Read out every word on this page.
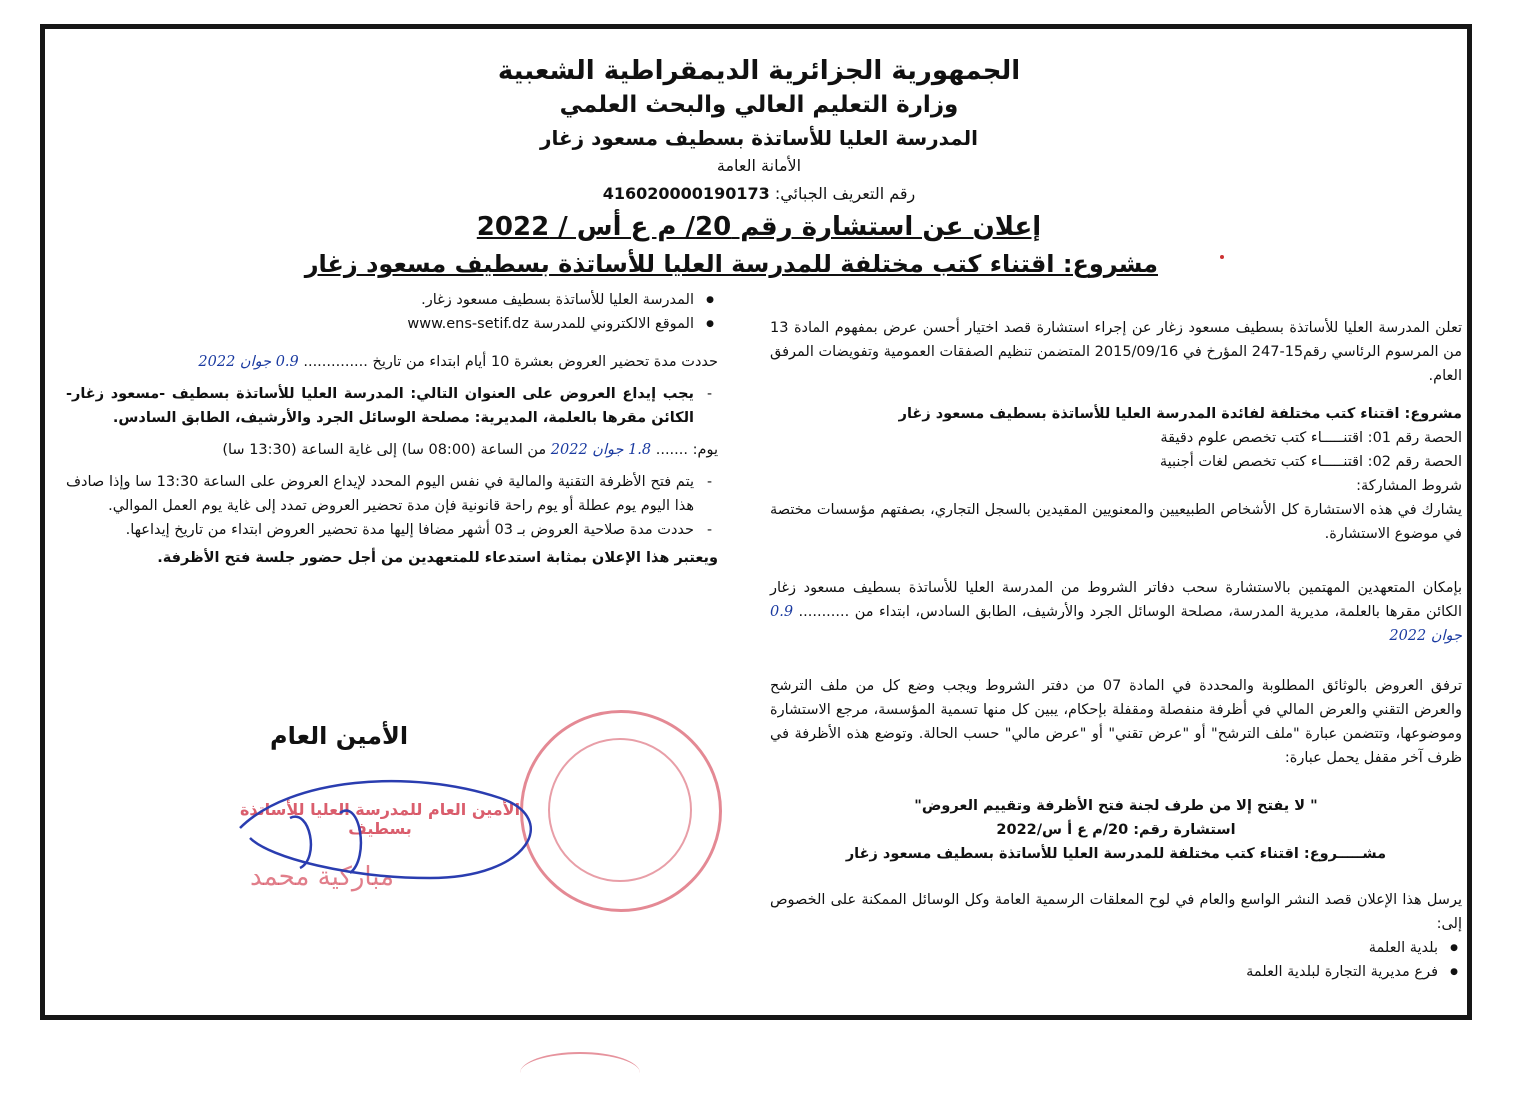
الجمهورية الجزائرية الديمقراطية الشعبية
وزارة التعليم العالي والبحث العلمي
المدرسة العليا للأساتذة بسطيف مسعود زغار
الأمانة العامة
رقم التعريف الجبائي: 416020000190173
إعلان عن استشارة رقم 20/ م ع أس / 2022
مشروع: اقتناء كتب مختلفة للمدرسة العليا للأساتذة بسطيف مسعود زغار

تعلن المدرسة العليا للأساتذة بسطيف مسعود زغار عن إجراء استشارة قصد اختيار أحسن عرض بمفهوم المادة 13 من المرسوم الرئاسي رقم15-247 المؤرخ في 2015/09/16 المتضمن تنظيم الصفقات العمومية وتفويضات المرفق العام.

مشروع: اقتناء كتب مختلفة لفائدة المدرسة العليا للأساتذة بسطيف مسعود زغار

الحصة رقم 01: اقتنـــــاء كتب تخصص علوم دقيقة

الحصة رقم 02: اقتنـــــاء كتب تخصص لغات أجنبية

شروط المشاركة:

يشارك في هذه الاستشارة كل الأشخاص الطبيعيين والمعنويين المقيدين بالسجل التجاري، بصفتهم مؤسسات مختصة في موضوع الاستشارة.

بإمكان المتعهدين المهتمين بالاستشارة سحب دفاتر الشروط من المدرسة العليا للأساتذة بسطيف مسعود زغار الكائن مقرها بالعلمة، مديرية المدرسة، مصلحة الوسائل الجرد والأرشيف، الطابق السادس، ابتداء من ........... 0.9 جوان 2022

ترفق العروض بالوثائق المطلوبة والمحددة في المادة 07 من دفتر الشروط ويجب وضع كل من ملف الترشح والعرض التقني والعرض المالي في أظرفة منفصلة ومقفلة بإحكام، يبين كل منها تسمية المؤسسة، مرجع الاستشارة وموضوعها، وتتضمن عبارة "ملف الترشح" أو "عرض تقني" أو "عرض مالي" حسب الحالة. وتوضع هذه الأظرفة في ظرف آخر مقفل يحمل عبارة:

" لا يفتح إلا من طرف لجنة فتح الأظرفة وتقييم العروض"

استشارة رقم: 20/م ع أ س/2022

مشـــــروع: اقتناء كتب مختلفة للمدرسة العليا للأساتذة بسطيف مسعود زغار

يرسل هذا الإعلان قصد النشر الواسع والعام في لوح المعلقات الرسمية العامة وكل الوسائل الممكنة على الخصوص إلى:

● بلدية العلمة
● فرع مديرية التجارة لبلدية العلمة
● المدرسة العليا للأساتذة بسطيف مسعود زغار.
● الموقع الالكتروني للمدرسة www.ens-setif.dz

حددت مدة تحضير العروض بعشرة 10 أيام ابتداء من تاريخ .............. 0.9 جوان 2022

- يجب إيداع العروض على العنوان التالي: المدرسة العليا للأساتذة بسطيف -مسعود زغار- الكائن مقرها بالعلمة، المديرية: مصلحة الوسائل الجرد والأرشيف، الطابق السادس.

يوم: ....... 1.8 جوان 2022 من الساعة (08:00 سا) إلى غاية الساعة (13:30 سا)

- يتم فتح الأظرفة التقنية والمالية في نفس اليوم المحدد لإيداع العروض على الساعة 13:30 سا وإذا صادف هذا اليوم يوم عطلة أو يوم راحة قانونية فإن مدة تحضير العروض تمدد إلى غاية يوم العمل الموالي.
- حددت مدة صلاحية العروض بـ 03 أشهر مضافا إليها مدة تحضير العروض ابتداء من تاريخ إيداعها.

ويعتبر هذا الإعلان بمثابة استدعاء للمتعهدين من أجل حضور جلسة فتح الأظرفة.

الأمين العام
الأمين العام للمدرسة العليا للأساتذة بسطيف
مباركية محمد
